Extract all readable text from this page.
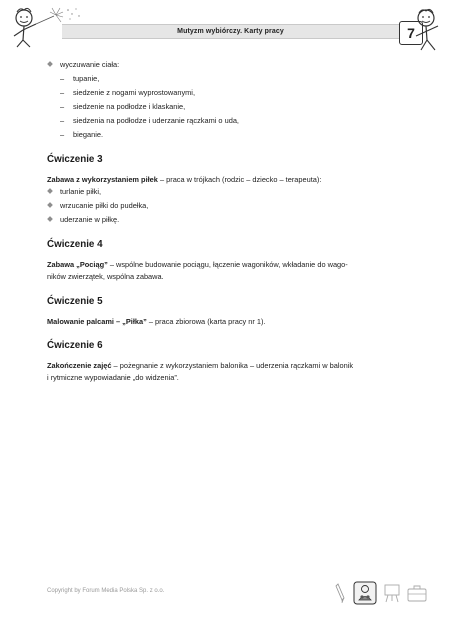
Mutyzm wybiórczy. Karty pracy	7
wyczuwanie ciała:
– tupanie,
– siedzenie z nogami wyprostowanymi,
– siedzenie na podłodze i klaskanie,
– siedzenia na podłodze i uderzanie rączkami o uda,
– bieganie.
Ćwiczenie 3

Zabawa z wykorzystaniem piłek – praca w trójkach (rodzic – dziecko – terapeuta):

turlanie piłki,
wrzucanie piłki do pudełka,
uderzanie w piłkę.
Ćwiczenie 4

Zabawa „Pociąg” – wspólne budowanie pociągu, łączenie wagoników, wkładanie do wago-
ników zwierzątek, wspólna zabawa.

Ćwiczenie 5

Malowanie palcami – „Piłka” – praca zbiorowa (karta pracy nr 1).

Ćwiczenie 6

Zakończenie zajęć – pożegnanie z wykorzystaniem balonika – uderzenia rączkami w balonik
i rytmiczne wypowiadanie „do widzenia”.

Copyright by Forum Media Polska Sp. z o.o.
